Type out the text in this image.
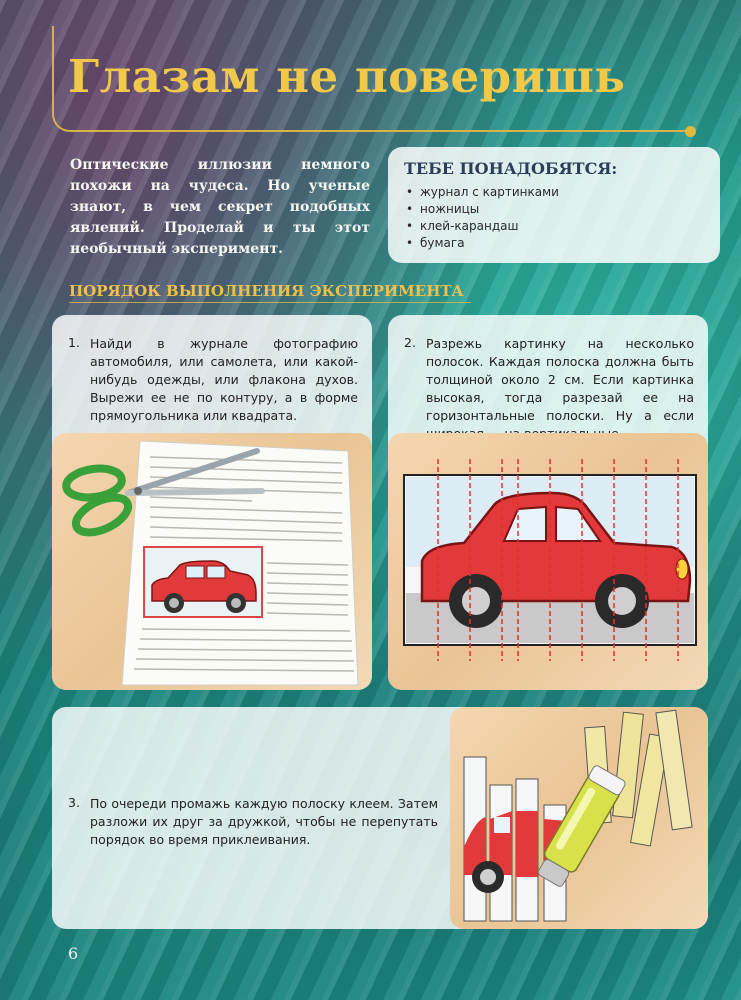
Глазам не поверишь

Оптические иллюзии немного похожи на чудеса. Но ученые знают, в чем секрет подобных явлений. Проделай и ты этот необычный эксперимент.

ТЕБЕ ПОНАДОБЯТСЯ:
• журнал с картинками
• ножницы
• клей-карандаш
• бумага
ПОРЯДОК ВЫПОЛНЕНИЯ ЭКСПЕРИМЕНТА
1. Найди в журнале фотографию автомобиля, или самолета, или какой-нибудь одежды, или флакона духов. Вырежи ее не по контуру, а в форме прямоугольника или квадрата.

2. Разрежь картинку на несколько полосок. Каждая полоска должна быть толщиной около 2 см. Если картинка высокая, тогда разрезай ее на горизонтальные полоски. Ну а если

3. По очереди промажь каждую полоску клеем. Затем разложи их друг за дружкой, чтобы не перепутать порядок во время приклеивания.

6
